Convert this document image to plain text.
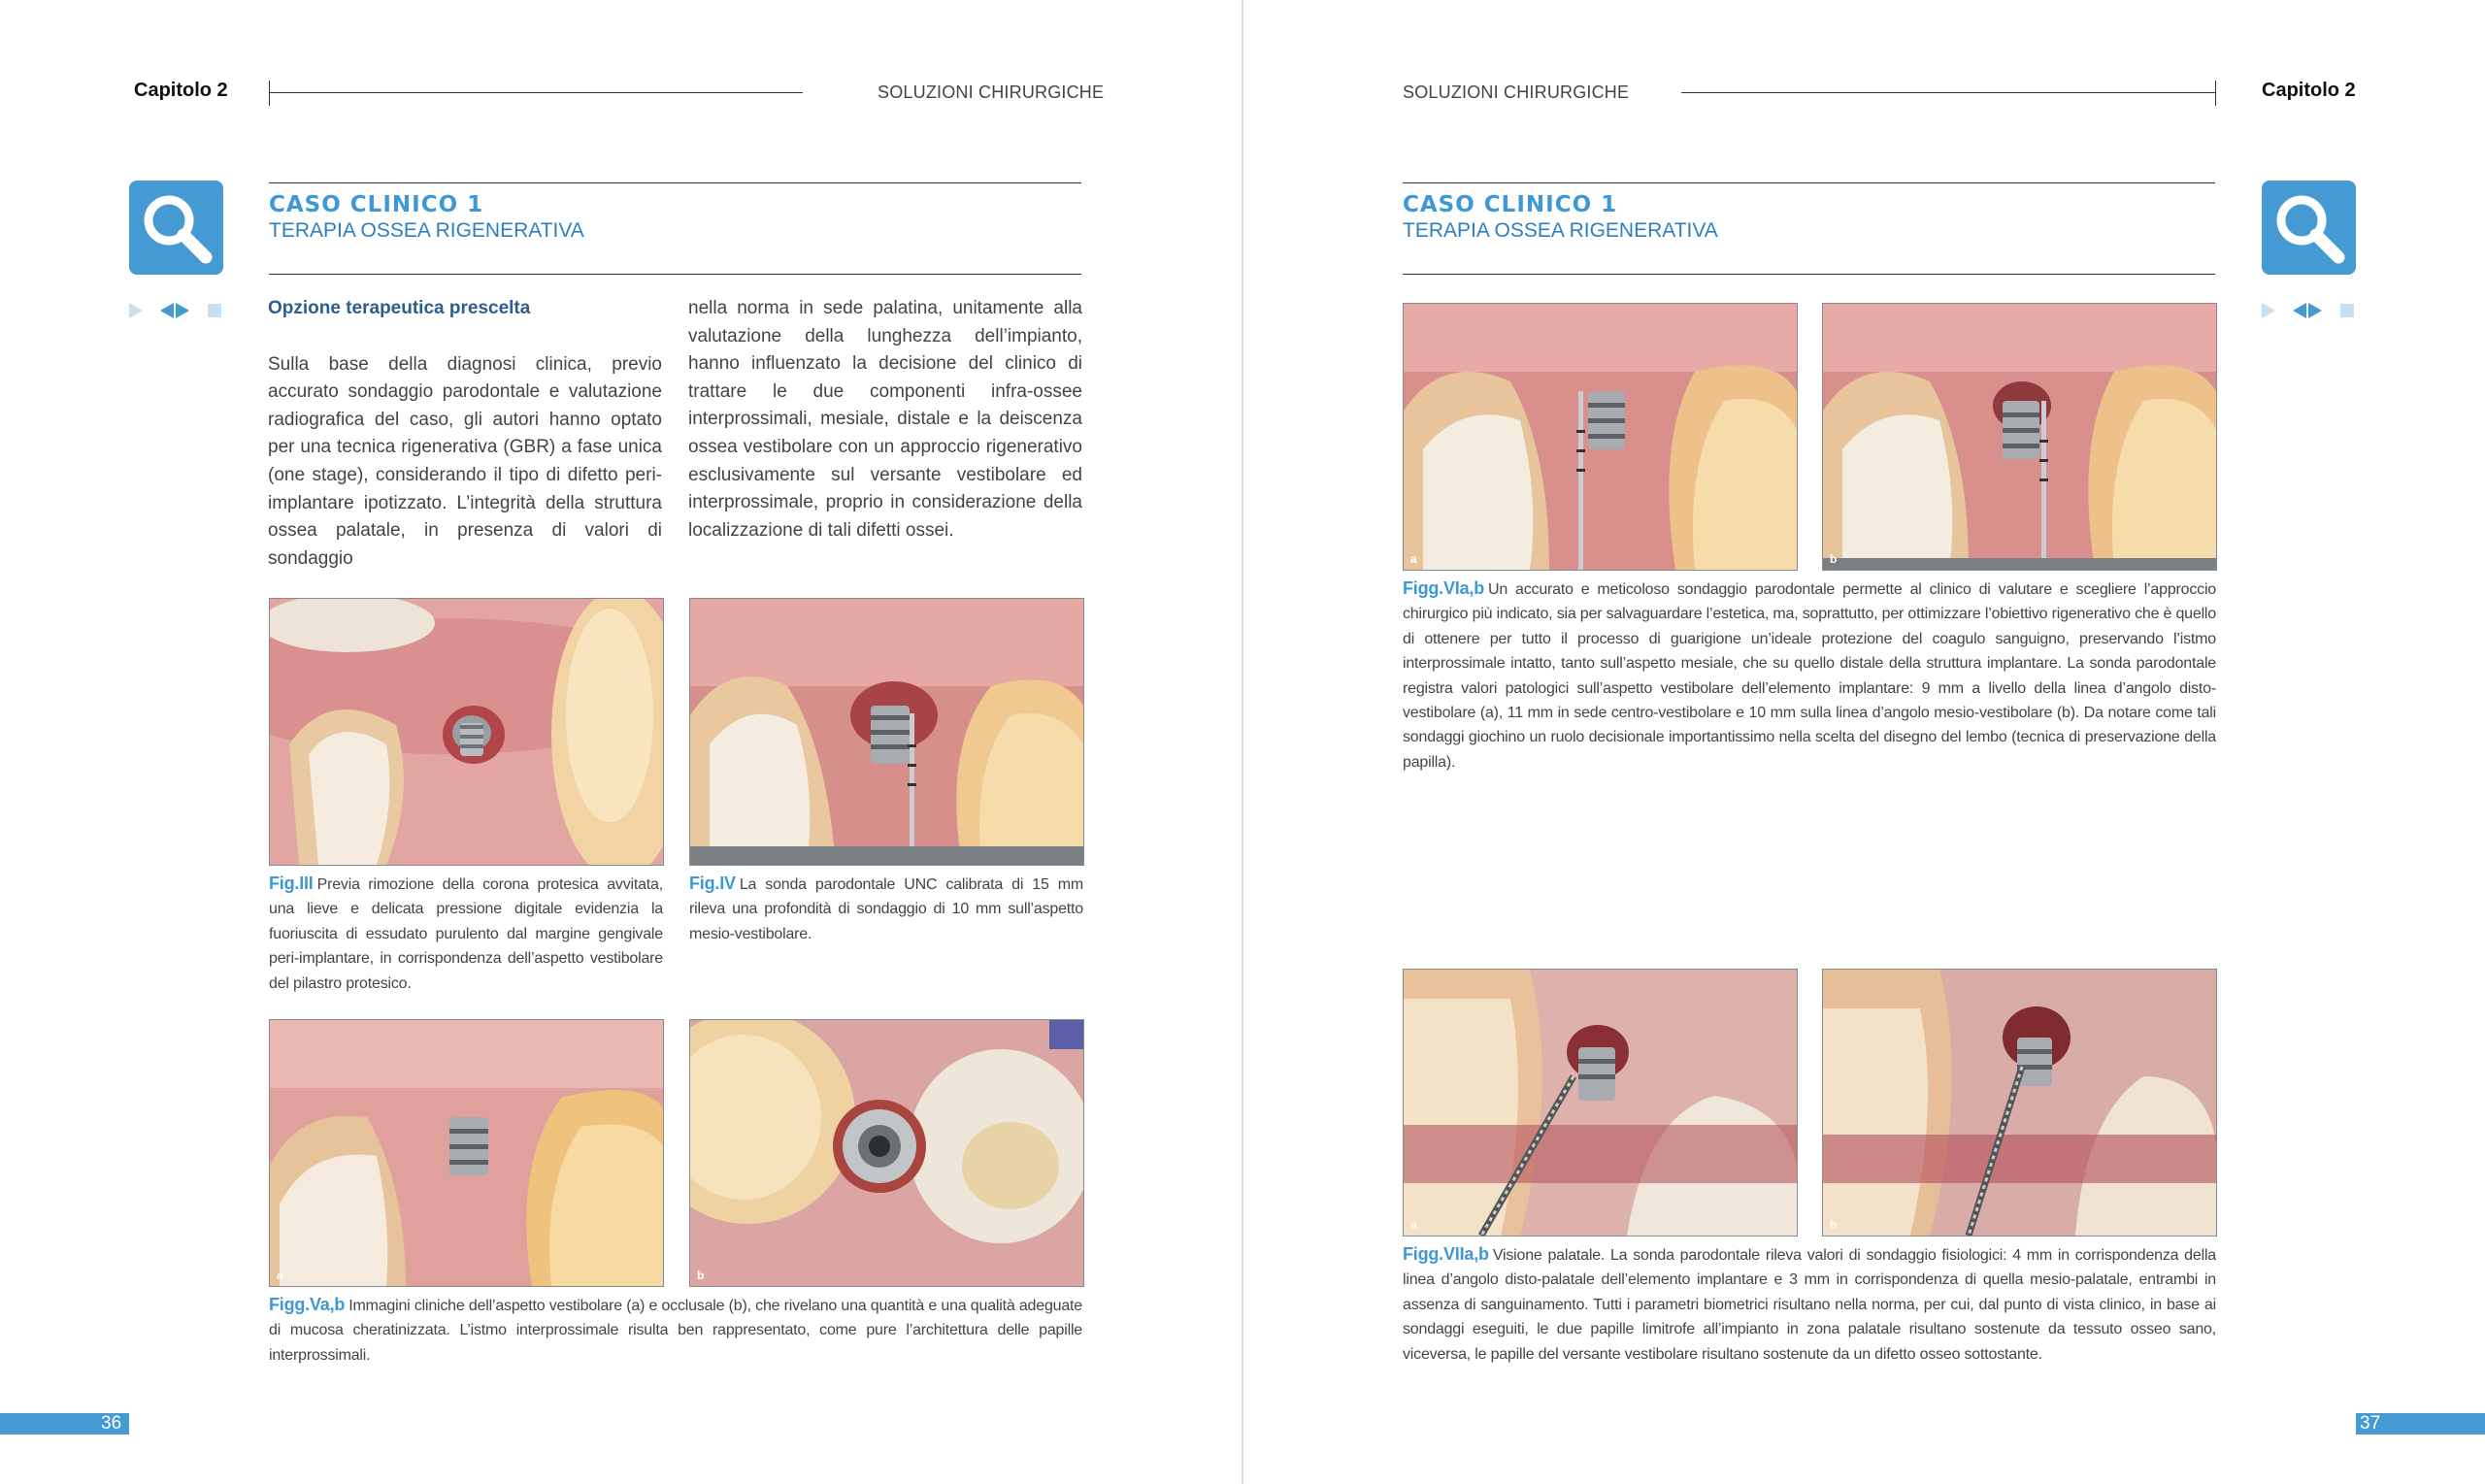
Capitolo 2	SOLUZIONI CHIRURGICHE
CASO CLINICO 1
TERAPIA OSSEA RIGENERATIVA
Opzione terapeutica prescelta
Sulla base della diagnosi clinica, previo accurato sondaggio parodontale e valutazione radiografica del caso, gli autori hanno optato per una tecnica rigenerativa (GBR) a fase unica (one stage), considerando il tipo di difetto peri-implantare ipotizzato. L’integrità della struttura ossea palatale, in presenza di valori di sondaggio
nella norma in sede palatina, unitamente alla valutazione della lunghezza dell’impianto, hanno influenzato la decisione del clinico di trattare le due componenti infra-ossee interprossimali, mesiale, distale e la deiscenza ossea vestibolare con un approccio rigenerativo esclusivamente sul versante vestibolare ed interprossimale, proprio in considerazione della localizzazione di tali difetti ossei.
Fig.III Previa rimozione della corona protesica avvitata, una lieve e delicata pressione digitale evidenzia la fuoriuscita di essudato purulento dal margine gengivale peri-implantare, in corrispondenza dell’aspetto vestibolare del pilastro protesico.
Fig.IV La sonda parodontale UNC calibrata di 15 mm rileva una profondità di sondaggio di 10 mm sull’aspetto mesio-vestibolare.
a	b
Figg.Va,b Immagini cliniche dell’aspetto vestibolare (a) e occlusale (b), che rivelano una quantità e una qualità adeguate di mucosa cheratinizzata. L’istmo interprossimale risulta ben rappresentato, come pure l’architettura delle papille interprossimali.
36
SOLUZIONI CHIRURGICHE	Capitolo 2
CASO CLINICO 1
TERAPIA OSSEA RIGENERATIVA
a	b
Figg.VIa,b Un accurato e meticoloso sondaggio parodontale permette al clinico di valutare e scegliere l’approccio chirurgico più indicato, sia per salvaguardare l’estetica, ma, soprattutto, per ottimizzare l’obiettivo rigenerativo che è quello di ottenere per tutto il processo di guarigione un’ideale protezione del coagulo sanguigno, preservando l’istmo interprossimale intatto, tanto sull’aspetto mesiale, che su quello distale della struttura implantare. La sonda parodontale registra valori patologici sull’aspetto vestibolare dell’elemento implantare: 9 mm a livello della linea d’angolo disto-vestibolare (a), 11 mm in sede centro-vestibolare e 10 mm sulla linea d’angolo mesio-vestibolare (b). Da notare come tali sondaggi giochino un ruolo decisionale importantissimo nella scelta del disegno del lembo (tecnica di preservazione della papilla).
a	b
Figg.VIIa,b Visione palatale. La sonda parodontale rileva valori di sondaggio fisiologici: 4 mm in corrispondenza della linea d’angolo disto-palatale dell’elemento implantare e 3 mm in corrispondenza di quella mesio-palatale, entrambi in assenza di sanguinamento. Tutti i parametri biometrici risultano nella norma, per cui, dal punto di vista clinico, in base ai sondaggi eseguiti, le due papille limitrofe all’impianto in zona palatale risultano sostenute da tessuto osseo sano, viceversa, le papille del versante vestibolare risultano sostenute da un difetto osseo sottostante.
37
